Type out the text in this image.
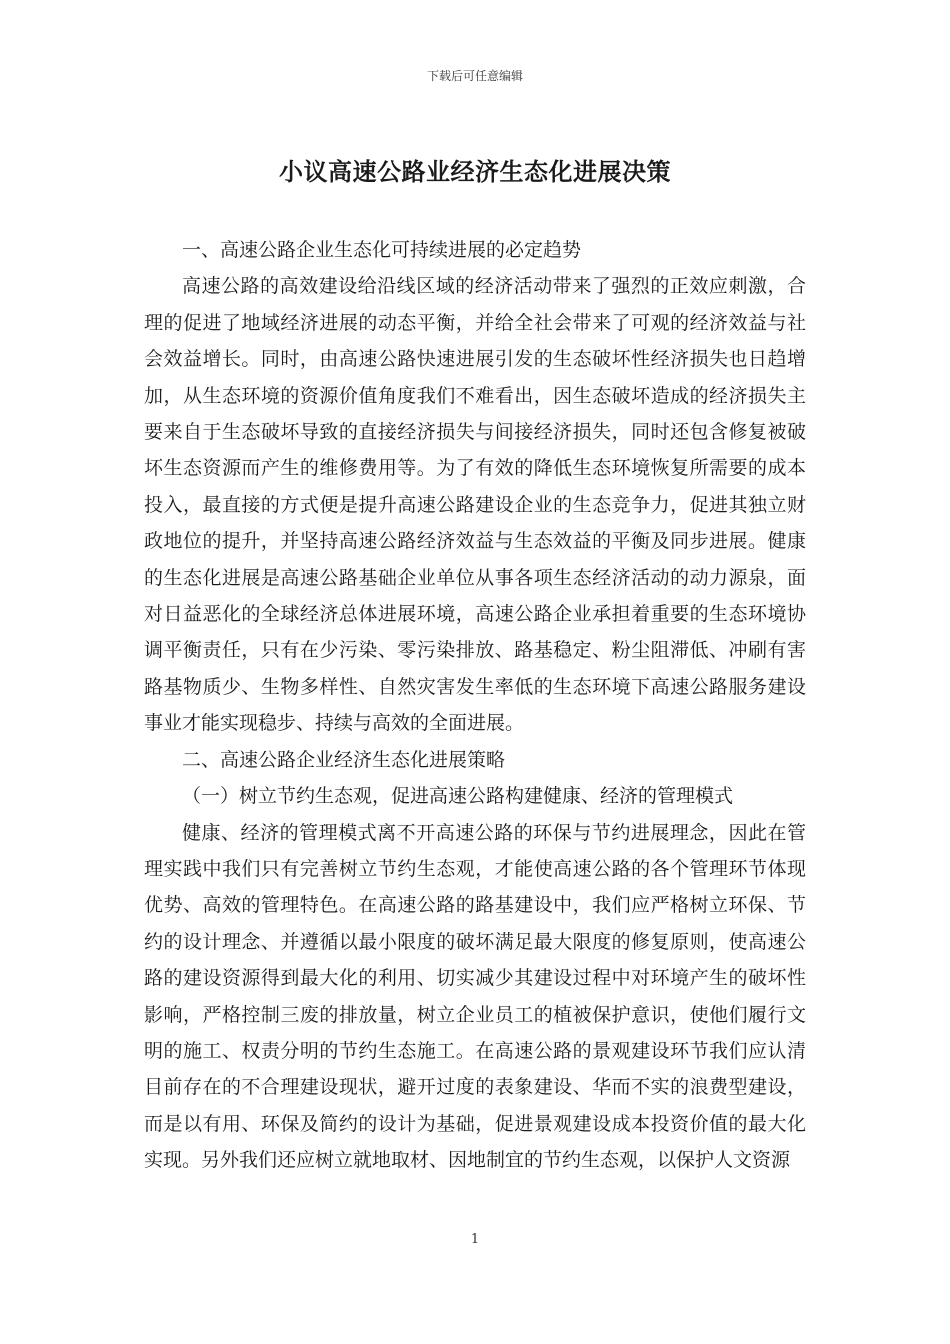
下载后可任意编辑
小议高速公路业经济生态化进展决策

一、高速公路企业生态化可持续进展的必定趋势

高速公路的高效建设给沿线区域的经济活动带来了强烈的正效应刺激，合理的促进了地域经济进展的动态平衡，并给全社会带来了可观的经济效益与社会效益增长。同时，由高速公路快速进展引发的生态破坏性经济损失也日趋增加，从生态环境的资源价值角度我们不难看出，因生态破坏造成的经济损失主要来自于生态破坏导致的直接经济损失与间接经济损失，同时还包含修复被破坏生态资源而产生的维修费用等。为了有效的降低生态环境恢复所需要的成本投入，最直接的方式便是提升高速公路建设企业的生态竞争力，促进其独立财政地位的提升，并坚持高速公路经济效益与生态效益的平衡及同步进展。健康的生态化进展是高速公路基础企业单位从事各项生态经济活动的动力源泉，面对日益恶化的全球经济总体进展环境，高速公路企业承担着重要的生态环境协调平衡责任，只有在少污染、零污染排放、路基稳定、粉尘阻滞低、冲刷有害路基物质少、生物多样性、自然灾害发生率低的生态环境下高速公路服务建设事业才能实现稳步、持续与高效的全面进展。

二、高速公路企业经济生态化进展策略

（一）树立节约生态观，促进高速公路构建健康、经济的管理模式

健康、经济的管理模式离不开高速公路的环保与节约进展理念，因此在管理实践中我们只有完善树立节约生态观，才能使高速公路的各个管理环节体现优势、高效的管理特色。在高速公路的路基建设中，我们应严格树立环保、节约的设计理念、并遵循以最小限度的破坏满足最大限度的修复原则，使高速公路的建设资源得到最大化的利用、切实减少其建设过程中对环境产生的破坏性影响，严格控制三废的排放量，树立企业员工的植被保护意识，使他们履行文明的施工、权责分明的节约生态施工。在高速公路的景观建设环节我们应认清目前存在的不合理建设现状，避开过度的表象建设、华而不实的浪费型建设，而是以有用、环保及简约的设计为基础，促进景观建设成本投资价值的最大化实现。另外我们还应树立就地取材、因地制宜的节约生态观，以保护人文资源

1
